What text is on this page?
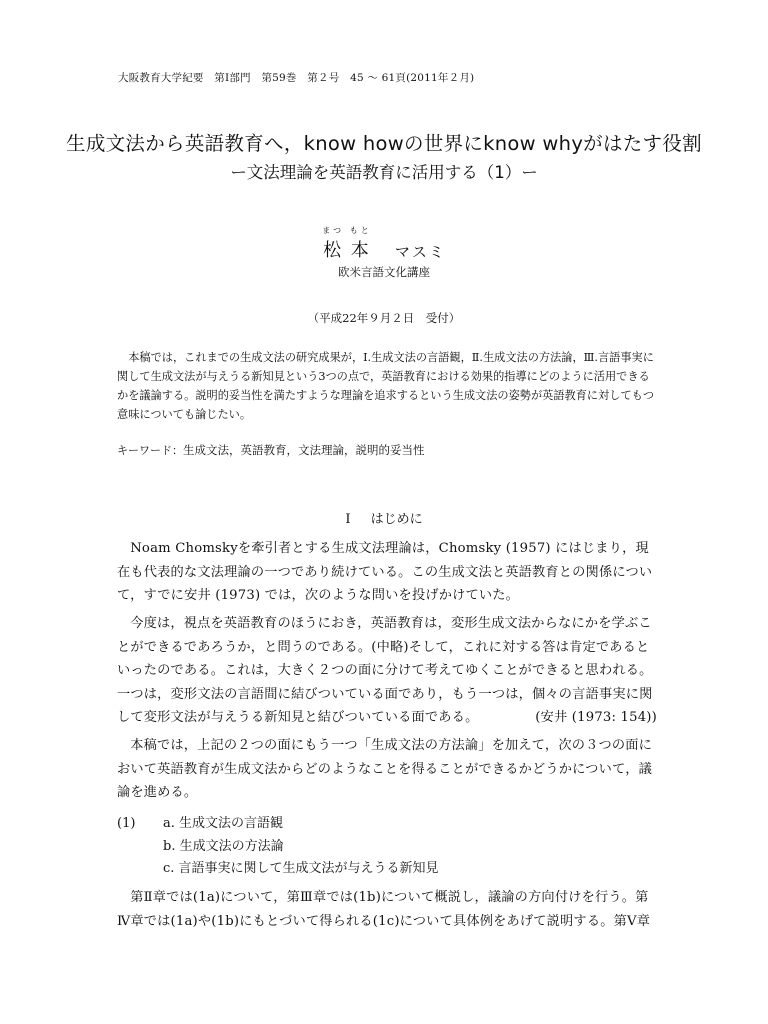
大阪教育大学紀要　第Ⅰ部門　第59巻　第２号　45 ～ 61頁(2011年２月)
生成文法から英語教育へ，know howの世界にknow whyがはたす役割
ー文法理論を英語教育に活用する（1）ー
まつ もと
松 本 マスミ
欧米言語文化講座
（平成22年９月２日　受付）
本稿では，これまでの生成文法の研究成果が，Ⅰ.生成文法の言語観，Ⅱ.生成文法の方法論，Ⅲ.言語事実に関して生成文法が与えうる新知見という3つの点で，英語教育における効果的指導にどのように活用できるかを議論する。説明的妥当性を満たすような理論を追求するという生成文法の姿勢が英語教育に対してもつ意味についても論じたい。
キーワード：生成文法，英語教育，文法理論，説明的妥当性
Ⅰ はじめに
Noam Chomskyを牽引者とする生成文法理論は，Chomsky (1957) にはじまり，現在も代表的な文法理論の一つであり続けている。この生成文法と英語教育との関係について，すでに安井 (1973) では，次のような問いを投げかけていた。
今度は，視点を英語教育のほうにおき，英語教育は，変形生成文法からなにかを学ぶことができるであろうか，と問うのである。(中略)そして，これに対する答は肯定であるといったのである。これは，大きく２つの面に分けて考えてゆくことができると思われる。一つは，変形文法の言語間に結びついている面であり，もう一つは，個々の言語事実に関して変形文法が与えうる新知見と結びついている面である。	(安井 (1973: 154))
本稿では，上記の２つの面にもう一つ「生成文法の方法論」を加えて，次の３つの面において英語教育が生成文法からどのようなことを得ることができるかどうかについて，議論を進める。
(1)	a. 生成文法の言語観
b. 生成文法の方法論
c. 言語事実に関して生成文法が与えうる新知見
第Ⅱ章では(1a)について，第Ⅲ章では(1b)について概説し，議論の方向付けを行う。第Ⅳ章では(1a)や(1b)にもとづいて得られる(1c)について具体例をあげて説明する。第Ⅴ章
